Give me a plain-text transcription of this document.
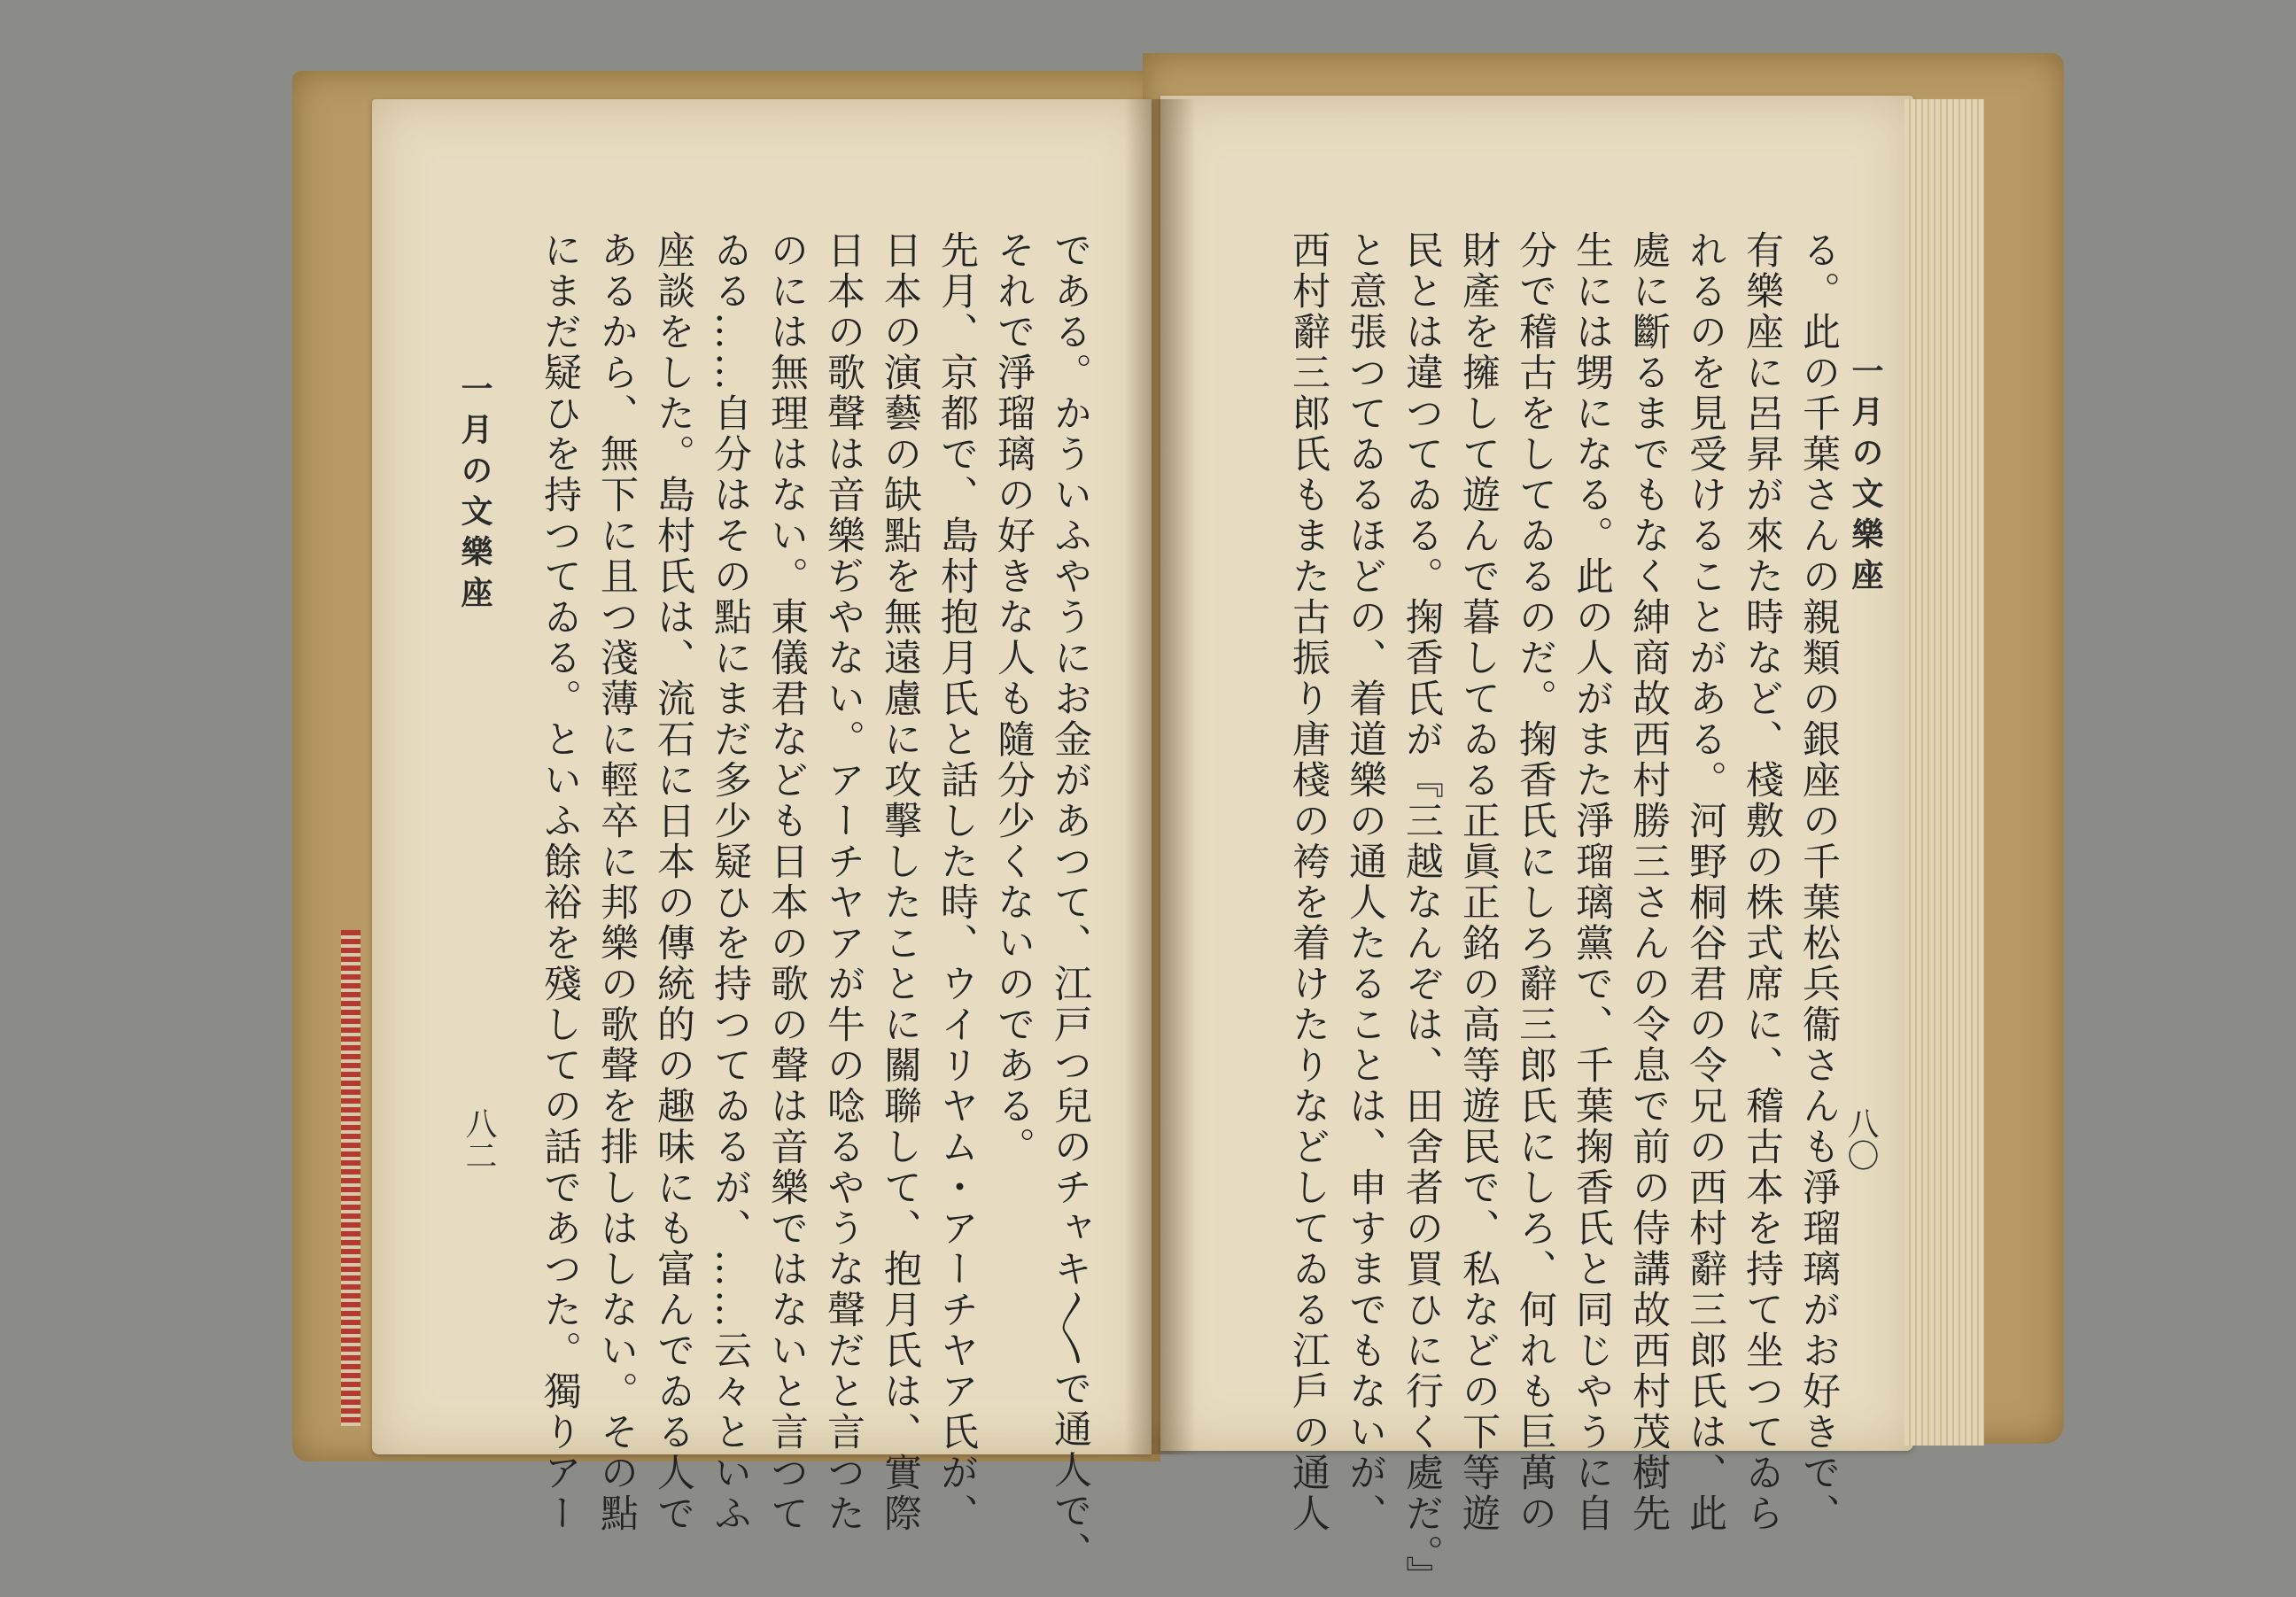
一月の文樂座
八二	である。かういふやうにお金があつて、江戸つ兒のチャキ〳〵で通人で、
それで淨瑠璃の好きな人も隨分少くないのである。
先月、京都で、島村抱月氏と話した時、ウイリヤム・アーチヤア氏が、
日本の演藝の缺點を無遠慮に攻擊したことに關聯して、抱月氏は、實際
日本の歌聲は音樂ぢやない。アーチヤアが牛の唸るやうな聲だと言つた
のには無理はない。東儀君なども日本の歌の聲は音樂ではないと言つて
ゐる……自分はその點にまだ多少疑ひを持つてゐるが、……云々といふ
座談をした。島村氏は、流石に日本の傳統的の趣味にも富んでゐる人で
あるから、無下に且つ淺薄に輕卒に邦樂の歌聲を排しはしない。その點
にまだ疑ひを持つてゐる。といふ餘裕を殘しての話であつた。獨りアー	一月の文樂座
八〇
る。此の千葉さんの親類の銀座の千葉松兵衞さんも淨瑠璃がお好きで、
有樂座に呂昇が來た時など、棧敷の株式席に、稽古本を持て坐つてゐら
れるのを見受けることがある。河野桐谷君の令兄の西村辭三郎氏は、此
處に斷るまでもなく紳商故西村勝三さんの令息で前の侍講故西村茂樹先
生には甥になる。此の人がまた淨瑠璃黨で、千葉掬香氏と同じやうに自
分で稽古をしてゐるのだ。掬香氏にしろ辭三郎氏にしろ、何れも巨萬の
財產を擁して遊んで暮してゐる正眞正銘の高等遊民で、私などの下等遊
民とは違つてゐる。掬香氏が『三越なんぞは、田舍者の買ひに行く處だ。』
と意張つてゐるほどの、着道樂の通人たることは、申すまでもないが、
西村辭三郎氏もまた古振り唐棧の袴を着けたりなどしてゐる江戶の通人
